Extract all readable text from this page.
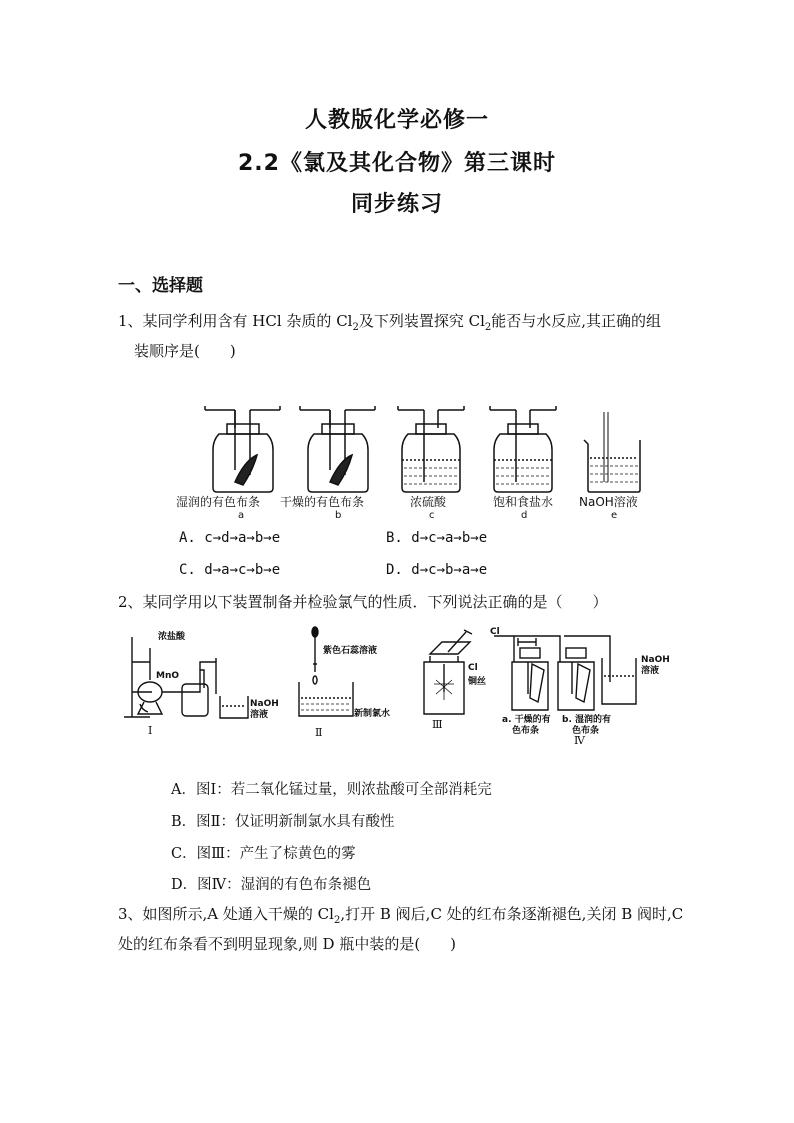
人教版化学必修一
2.2《氯及其化合物》第三课时
同步练习
一、选择题
1、某同学利用含有 HCl 杂质的 $Cl_2$及下列装置探究 $Cl_2$能否与水反应,其正确的组
装顺序是(　　)
湿润的有色布条 干燥的有色布条	浓硫酸	饱和食盐水 NaOH溶液
a	b	c	d	e
A. c→d→a→b→e	B. d→c→a→b→e
C. d→a→c→b→e	D. d→c→b→a→e
2、某同学用以下装置制备并检验氯气的性质．下列说法正确的是（　　）
浓盐酸
MnO
NaOH
溶液
紫色石蕊溶液
新制氯水
Cl
铜丝
Cl
NaOH
溶液
a. 干燥的有
色布条
b. 湿润的有
色布条
Ⅰ	Ⅱ
Ⅲ
Ⅳ
A．图Ⅰ：若二氧化锰过量，则浓盐酸可全部消耗完
B．图Ⅱ：仅证明新制氯水具有酸性
C．图Ⅲ：产生了棕黄色的雾
D．图Ⅳ：湿润的有色布条褪色
3、如图所示,A 处通入干燥的 $Cl_2$,打开 B 阀后,C 处的红布条逐渐褪色,关闭 B 阀时,C
处的红布条看不到明显现象,则 D 瓶中装的是(　　)
